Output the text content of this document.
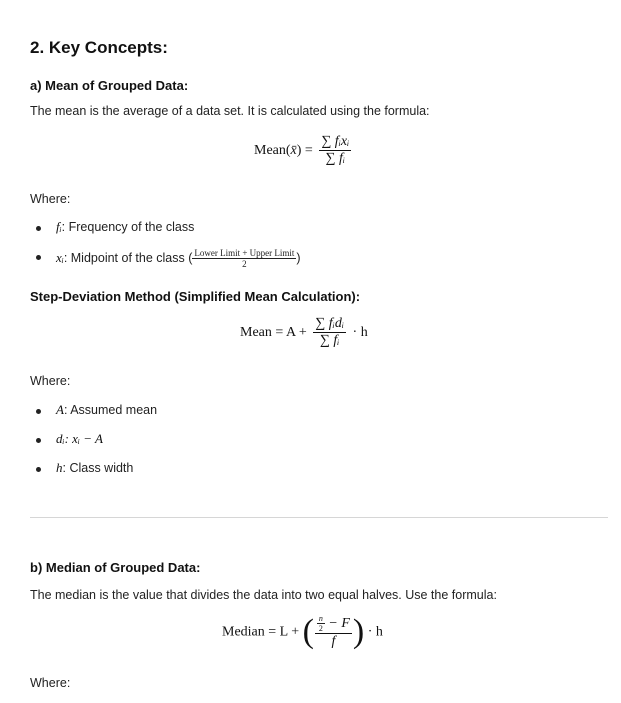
2. Key Concepts:
a) Mean of Grouped Data:
The mean is the average of a data set. It is calculated using the formula:
Mean(x̄) = $\frac{\text{∑ fᵢxᵢ}}{\text{∑ fᵢ}}$
Where:
fᵢ: Frequency of the class
xᵢ: Midpoint of the class ( $\frac{\text{Lower Limit + Upper Limit}}{2}$ )
Step-Deviation Method (Simplified Mean Calculation):
Mean = $A + \frac{\text{∑ fᵢdᵢ}}{\text{∑ fᵢ}} \cdot h$
Where:
A: Assumed mean
dᵢ: xᵢ − A
h: Class width
b) Median of Grouped Data:
The median is the value that divides the data into two equal halves. Use the formula:
Median = L + ( $\frac{\frac{n}{2} - F}{f}$ ) · h
Where:
